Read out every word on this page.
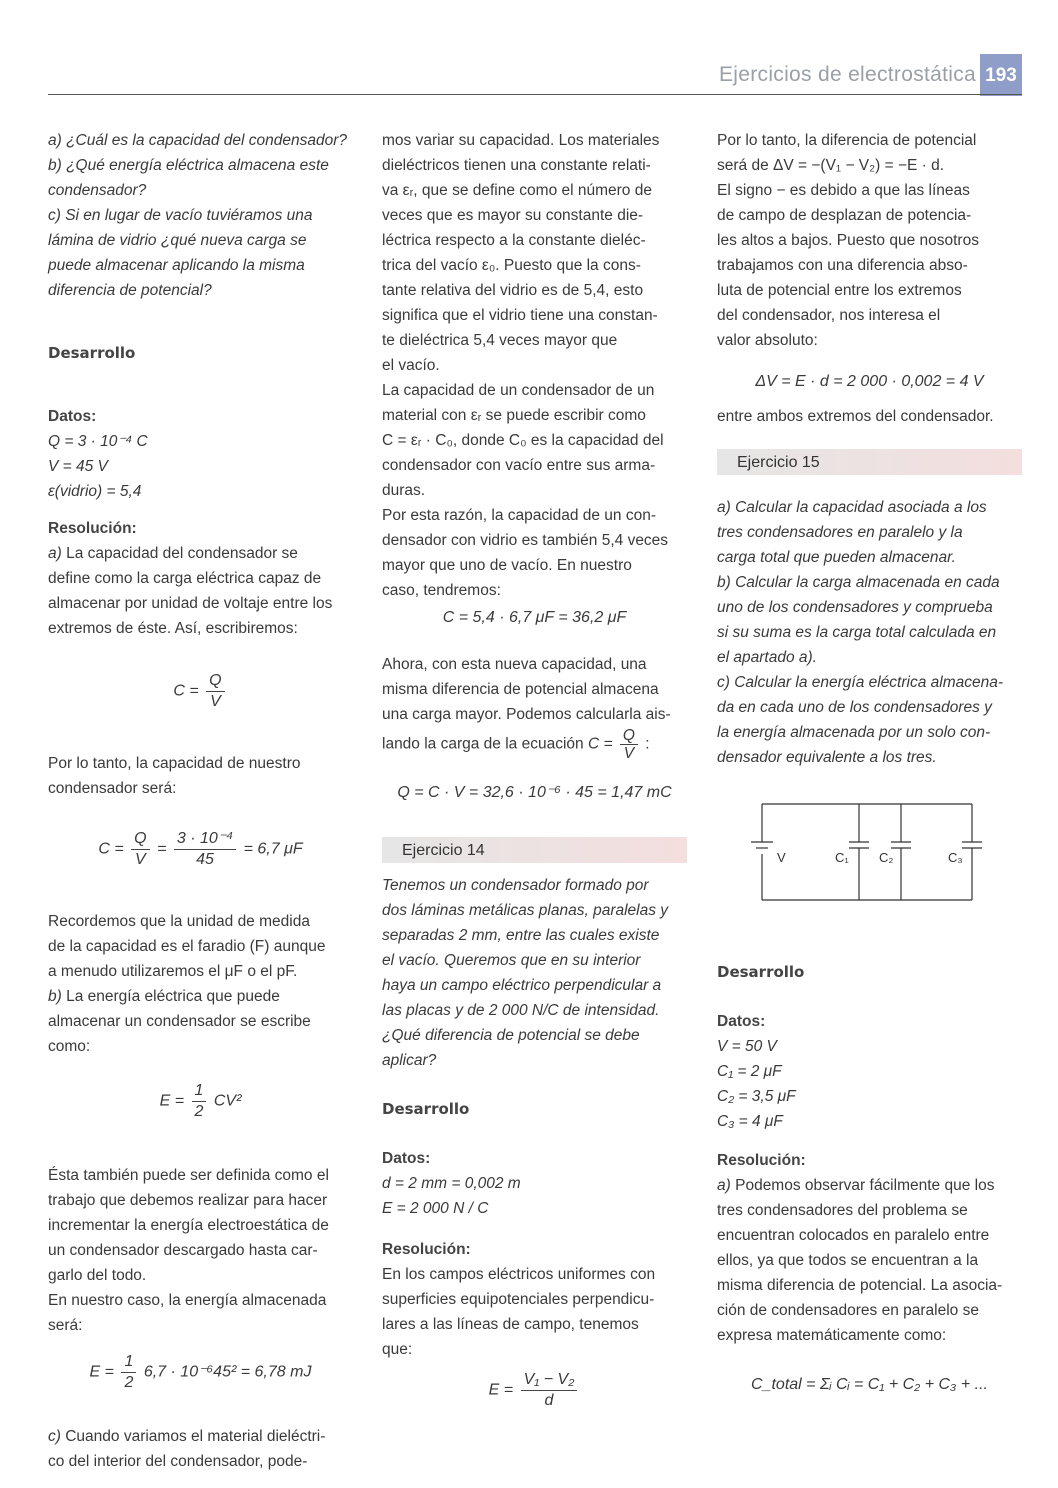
Ejercicios de electrostática 193

a) ¿Cuál es la capacidad del condensador?

b) ¿Qué energía eléctrica almacena este

condensador?

c) Si en lugar de vacío tuviéramos una

lámina de vidrio ¿qué nueva carga se

puede almacenar aplicando la misma

diferencia de potencial?

Desarrollo

Datos:

Q = 3 · 10⁻⁴ C

V = 45 V

ε(vidrio) = 5,4

Resolución:

a) La capacidad del condensador se

define como la carga eléctrica capaz de

almacenar por unidad de voltaje entre los

extremos de éste. Así, escribiremos:

$C = \frac{Q}{V}$

Por lo tanto, la capacidad de nuestro

condensador será:

$C = \frac{Q}{V} = \frac{\text{3 · 10⁻⁴}}{45} = 6,7$ μF

Recordemos que la unidad de medida

de la capacidad es el faradio (F) aunque

a menudo utilizaremos el μF o el pF.

b) La energía eléctrica que puede

almacenar un condensador se escribe

como:

$E = \frac{1}{2} CV^2$

Ésta también puede ser definida como el

trabajo que debemos realizar para hacer

incrementar la energía electroestática de

un condensador descargado hasta car-

garlo del todo.

En nuestro caso, la energía almacenada

será:

$E = \frac{1}{2} 6,7 \cdot 10^{-6}45^2 = 6,78$ mJ

c) Cuando variamos el material dieléctri-

co del interior del condensador, pode-

mos variar su capacidad. Los materiales

dieléctricos tienen una constante relati-

va εᵣ, que se define como el número de

veces que es mayor su constante die-

léctrica respecto a la constante dieléc-

trica del vacío ε₀. Puesto que la cons-

tante relativa del vidrio es de 5,4, esto

significa que el vidrio tiene una constan-

te dieléctrica 5,4 veces mayor que

el vacío.

La capacidad de un condensador de un

material con εᵣ se puede escribir como

C = εᵣ · C₀, donde C₀ es la capacidad del

condensador con vacío entre sus arma-

duras.

Por esta razón, la capacidad de un con-

densador con vidrio es también 5,4 veces

mayor que uno de vacío. En nuestro

caso, tendremos:

C = 5,4 · 6,7 μF = 36,2 μF

Ahora, con esta nueva capacidad, una

misma diferencia de potencial almacena

una carga mayor. Podemos calcularla ais-

lando la carga de la ecuación $C = \frac{Q}{V}$ :

Q = C · V = 32,6 · 10⁻⁶ · 45 = 1,47 mC

Ejercicio 14

Tenemos un condensador formado por

dos láminas metálicas planas, paralelas y

separadas 2 mm, entre las cuales existe

el vacío. Queremos que en su interior

haya un campo eléctrico perpendicular a

las placas y de 2 000 N/C de intensidad.

¿Qué diferencia de potencial se debe

aplicar?

Desarrollo

Datos:

d = 2 mm = 0,002 m

E = 2 000 N / C

Resolución:

En los campos eléctricos uniformes con

superficies equipotenciales perpendicu-

lares a las líneas de campo, tenemos

que:

$E = \frac{\text{V₁ − V₂}}{d}$

Por lo tanto, la diferencia de potencial

será de ΔV = −(V₁ − V₂) = −E · d.

El signo − es debido a que las líneas

de campo de desplazan de potencia-

les altos a bajos. Puesto que nosotros

trabajamos con una diferencia abso-

luta de potencial entre los extremos

del condensador, nos interesa el

valor absoluto:

ΔV = E · d = 2 000 · 0,002 = 4 V

entre ambos extremos del condensador.

Ejercicio 15

a) Calcular la capacidad asociada a los

tres condensadores en paralelo y la

carga total que pueden almacenar.

b) Calcular la carga almacenada en cada

uno de los condensadores y comprueba

si su suma es la carga total calculada en

el apartado a).

c) Calcular la energía eléctrica almacena-

da en cada uno de los condensadores y

la energía almacenada por un solo con-

densador equivalente a los tres.

V	C₁ C₂	C₃

Desarrollo

Datos:

V = 50 V

C₁ = 2 μF

C₂ = 3,5 μF

C₃ = 4 μF

Resolución:

a) Podemos observar fácilmente que los

tres condensadores del problema se

encuentran colocados en paralelo entre

ellos, ya que todos se encuentran a la

misma diferencia de potencial. La asocia-

ción de condensadores en paralelo se

expresa matemáticamente como:

C_total = Σᵢ Cᵢ = C₁ + C₂ + C₃ + ...
